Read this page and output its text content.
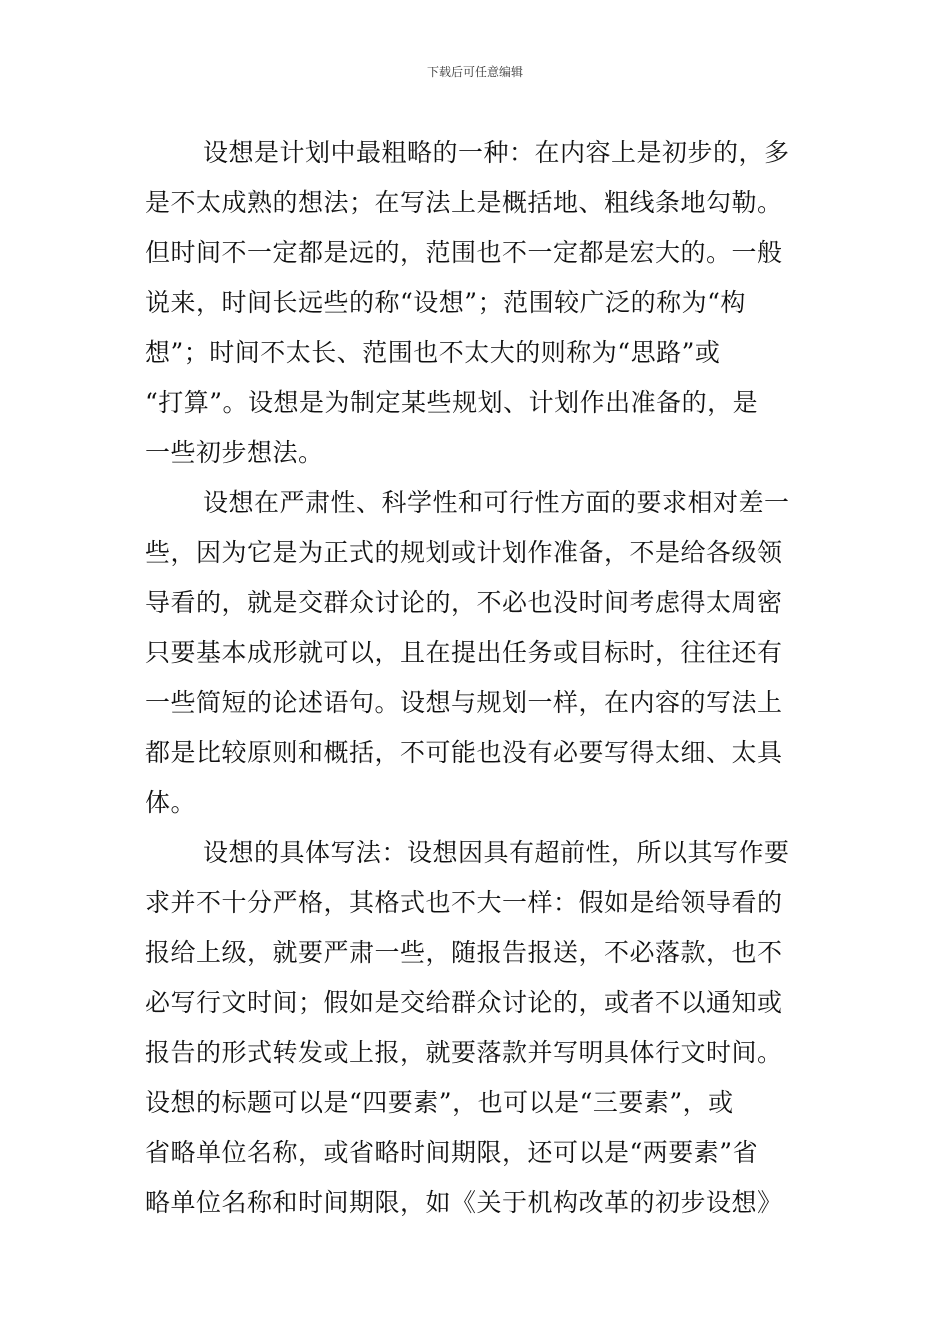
下载后可任意编辑
设想是计划中最粗略的一种：在内容上是初步的，多
是不太成熟的想法；在写法上是概括地、粗线条地勾勒。
但时间不一定都是远的，范围也不一定都是宏大的。一般
说来，时间长远些的称“设想”；范围较广泛的称为“构
想”；时间不太长、范围也不太大的则称为“思路”或
“打算”。设想是为制定某些规划、计划作出准备的，是
一些初步想法。
设想在严肃性、科学性和可行性方面的要求相对差一
些，因为它是为正式的规划或计划作准备，不是给各级领
导看的，就是交群众讨论的，不必也没时间考虑得太周密
只要基本成形就可以，且在提出任务或目标时，往往还有
一些简短的论述语句。设想与规划一样，在内容的写法上
都是比较原则和概括，不可能也没有必要写得太细、太具
体。
设想的具体写法：设想因具有超前性，所以其写作要
求并不十分严格，其格式也不大一样：假如是给领导看的
报给上级，就要严肃一些，随报告报送，不必落款，也不
必写行文时间；假如是交给群众讨论的，或者不以通知或
报告的形式转发或上报，就要落款并写明具体行文时间。
设想的标题可以是“四要素”，也可以是“三要素”，或
省略单位名称，或省略时间期限，还可以是“两要素”省
略单位名称和时间期限，如《关于机构改革的初步设想》
